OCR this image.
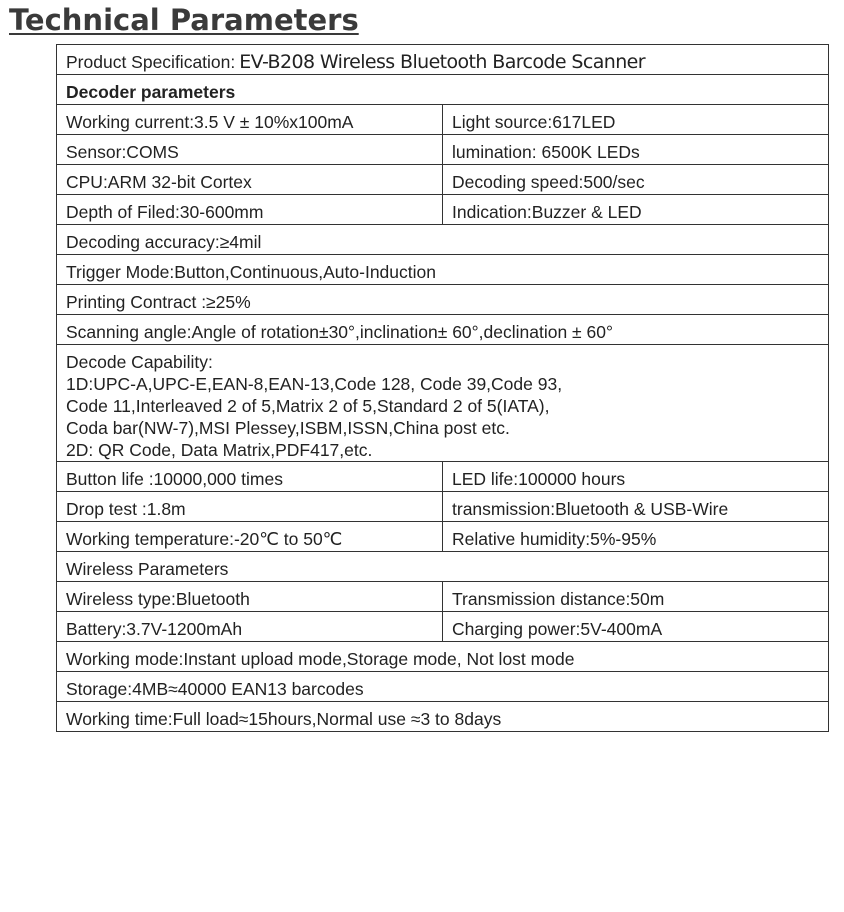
Technical Parameters
Product Specification: EV-B208 Wireless Bluetooth Barcode Scanner	
Decoder parameters	
Working current:3.5 V ± 10%x100mA	Light source:617LED
Sensor:COMS	lumination: 6500K LEDs
CPU:ARM 32-bit Cortex	Decoding speed:500/sec
Depth of Filed:30-600mm	Indication:Buzzer & LED
Decoding accuracy:≥4mil	
Trigger Mode:Button,Continuous,Auto-Induction	
Printing Contract :≥25%	
Scanning angle:Angle of rotation±30°,inclination± 60°,declination ± 60°	

Decode Capability:
1D:UPC-A,UPC-E,EAN-8,EAN-13,Code 128, Code 39,Code 93,
Code 11,Interleaved 2 of 5,Matrix 2 of 5,Standard 2 of 5(IATA),
Coda bar(NW-7),MSI Plessey,ISBM,ISSN,China post etc.
2D: QR Code, Data Matrix,PDF417,etc.	

Button life :10000,000 times	LED life:100000 hours
Drop test :1.8m	transmission:Bluetooth & USB-Wire
Working temperature:-20℃ to 50℃	Relative humidity:5%-95%
Wireless Parameters	
Wireless type:Bluetooth	Transmission distance:50m
Battery:3.7V-1200mAh	Charging power:5V-400mA
Working mode:Instant upload mode,Storage mode, Not lost mode	
Storage:4MB≈40000 EAN13 barcodes	
Working time:Full load≈15hours,Normal use ≈3 to 8days	
